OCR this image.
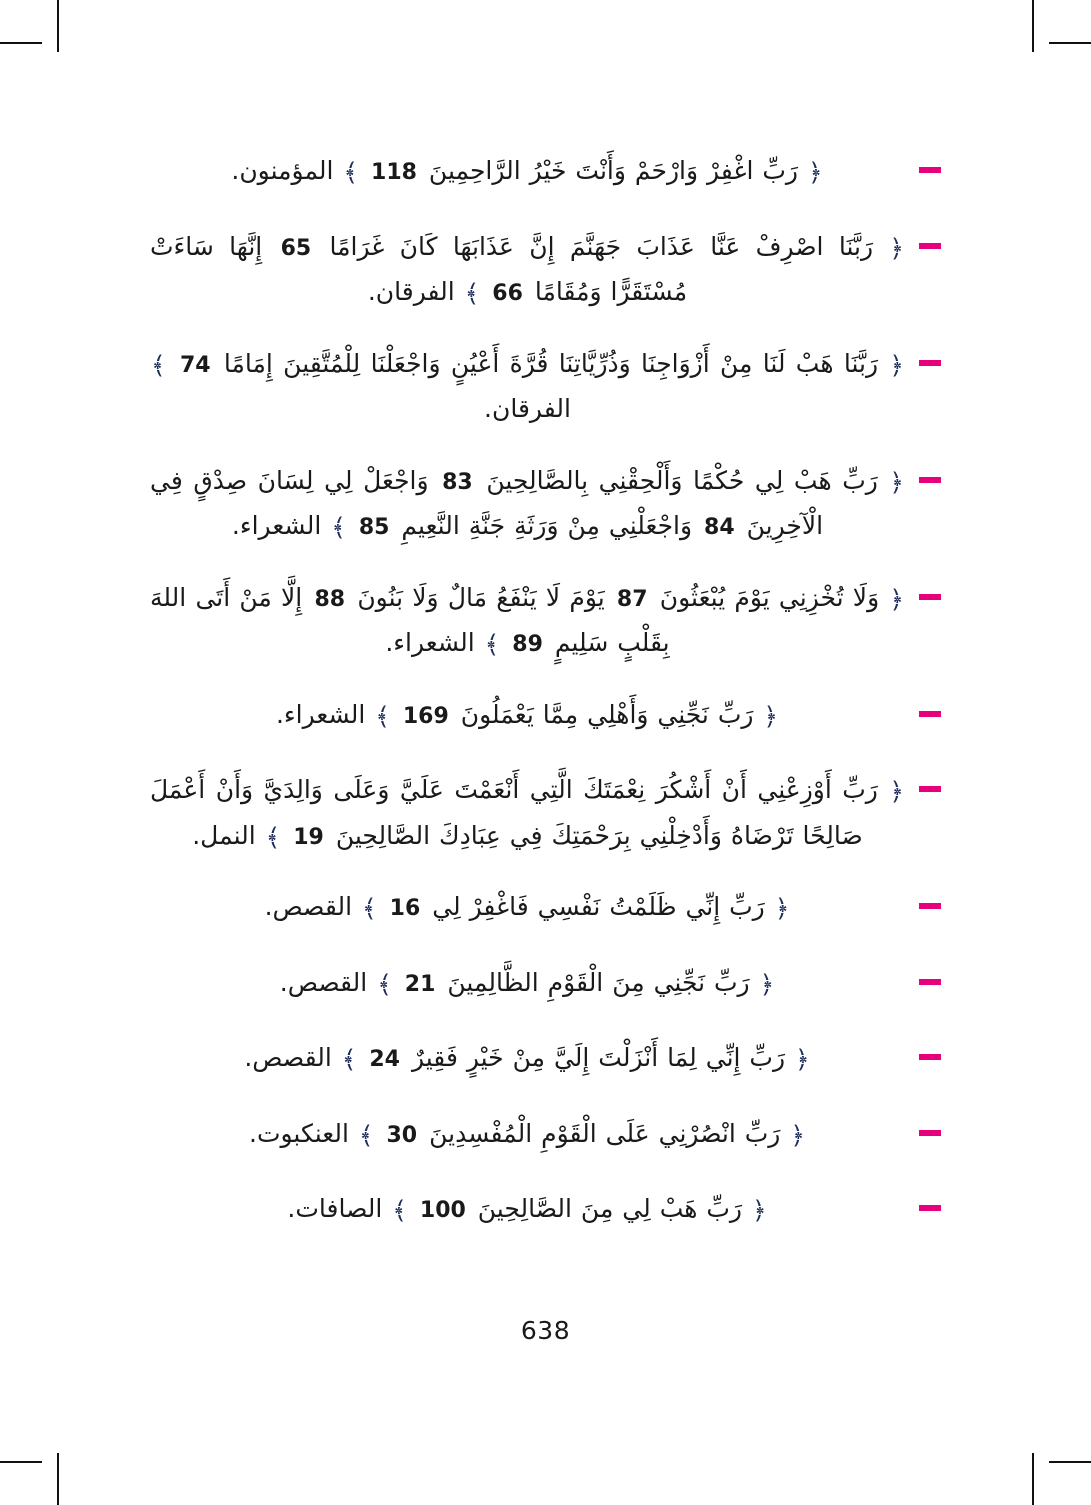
﴿ رَبِّ اغْفِرْ وَارْحَمْ وَأَنْتَ خَيْرُ الرَّاحِمِينَ 118 ﴾ المؤمنون.
﴿ رَبَّنَا اصْرِفْ عَنَّا عَذَابَ جَهَنَّمَ إِنَّ عَذَابَهَا كَانَ غَرَامًا 65 إِنَّهَا سَاءَتْ مُسْتَقَرًّا وَمُقَامًا 66 ﴾ الفرقان.
﴿ رَبَّنَا هَبْ لَنَا مِنْ أَزْوَاجِنَا وَذُرِّيَّاتِنَا قُرَّةَ أَعْيُنٍ وَاجْعَلْنَا لِلْمُتَّقِينَ إِمَامًا 74 ﴾ الفرقان.
﴿ رَبِّ هَبْ لِي حُكْمًا وَأَلْحِقْنِي بِالصَّالِحِينَ 83 وَاجْعَلْ لِي لِسَانَ صِدْقٍ فِي الْآخِرِينَ 84 وَاجْعَلْنِي مِنْ وَرَثَةِ جَنَّةِ النَّعِيمِ 85 ﴾ الشعراء.
﴿ وَلَا تُخْزِنِي يَوْمَ يُبْعَثُونَ 87 يَوْمَ لَا يَنْفَعُ مَالٌ وَلَا بَنُونَ 88 إِلَّا مَنْ أَتَى اللهَ بِقَلْبٍ سَلِيمٍ 89 ﴾ الشعراء.
﴿ رَبِّ نَجِّنِي وَأَهْلِي مِمَّا يَعْمَلُونَ 169 ﴾ الشعراء.
﴿ رَبِّ أَوْزِعْنِي أَنْ أَشْكُرَ نِعْمَتَكَ الَّتِي أَنْعَمْتَ عَلَيَّ وَعَلَى وَالِدَيَّ وَأَنْ أَعْمَلَ صَالِحًا تَرْضَاهُ وَأَدْخِلْنِي بِرَحْمَتِكَ فِي عِبَادِكَ الصَّالِحِينَ 19 ﴾ النمل.
﴿ رَبِّ إِنِّي ظَلَمْتُ نَفْسِي فَاغْفِرْ لِي 16 ﴾ القصص.
﴿ رَبِّ نَجِّنِي مِنَ الْقَوْمِ الظَّالِمِينَ 21 ﴾ القصص.
﴿ رَبِّ إِنِّي لِمَا أَنْزَلْتَ إِلَيَّ مِنْ خَيْرٍ فَقِيرٌ 24 ﴾ القصص.
﴿ رَبِّ انْصُرْنِي عَلَى الْقَوْمِ الْمُفْسِدِينَ 30 ﴾ العنكبوت.
﴿ رَبِّ هَبْ لِي مِنَ الصَّالِحِينَ 100 ﴾ الصافات.
638
